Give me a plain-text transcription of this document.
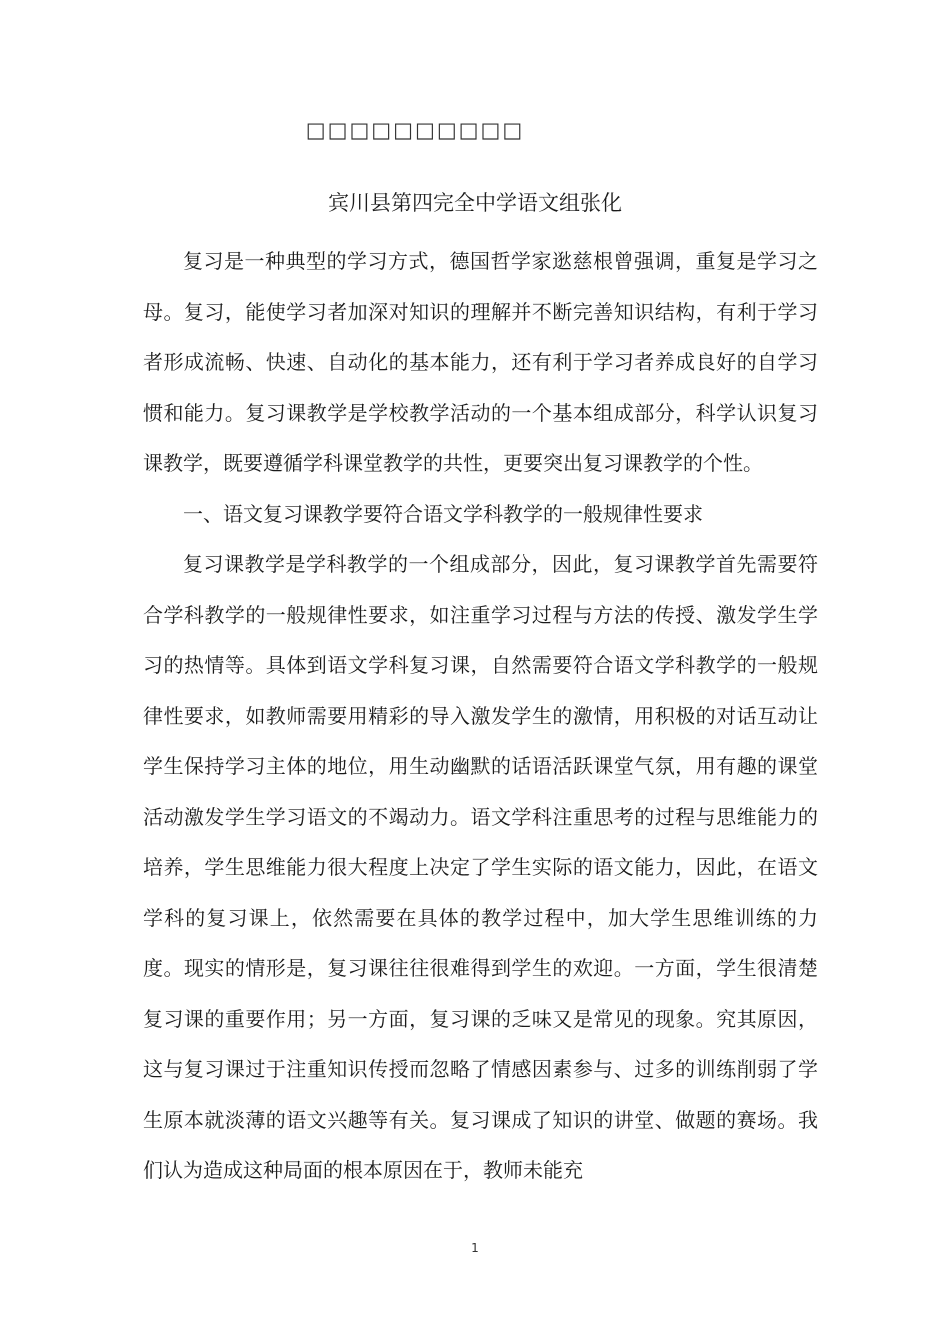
□□□□□□□□□□
宾川县第四完全中学语文组张化

复习是一种典型的学习方式，德国哲学家逖慈根曾强调，重复是学习之母。复习，能使学习者加深对知识的理解并不断完善知识结构，有利于学习者形成流畅、快速、自动化的基本能力，还有利于学习者养成良好的自学习惯和能力。复习课教学是学校教学活动的一个基本组成部分，科学认识复习课教学，既要遵循学科课堂教学的共性，更要突出复习课教学的个性。

一、语文复习课教学要符合语文学科教学的一般规律性要求

复习课教学是学科教学的一个组成部分，因此，复习课教学首先需要符合学科教学的一般规律性要求，如注重学习过程与方法的传授、激发学生学习的热情等。具体到语文学科复习课，自然需要符合语文学科教学的一般规律性要求，如教师需要用精彩的导入激发学生的激情，用积极的对话互动让学生保持学习主体的地位，用生动幽默的话语活跃课堂气氛，用有趣的课堂活动激发学生学习语文的不竭动力。语文学科注重思考的过程与思维能力的培养，学生思维能力很大程度上决定了学生实际的语文能力，因此，在语文学科的复习课上，依然需要在具体的教学过程中，加大学生思维训练的力度。现实的情形是，复习课往往很难得到学生的欢迎。一方面，学生很清楚复习课的重要作用；另一方面，复习课的乏味又是常见的现象。究其原因，这与复习课过于注重知识传授而忽略了情感因素参与、过多的训练削弱了学生原本就淡薄的语文兴趣等有关。复习课成了知识的讲堂、做题的赛场。我们认为造成这种局面的根本原因在于，教师未能充

1
